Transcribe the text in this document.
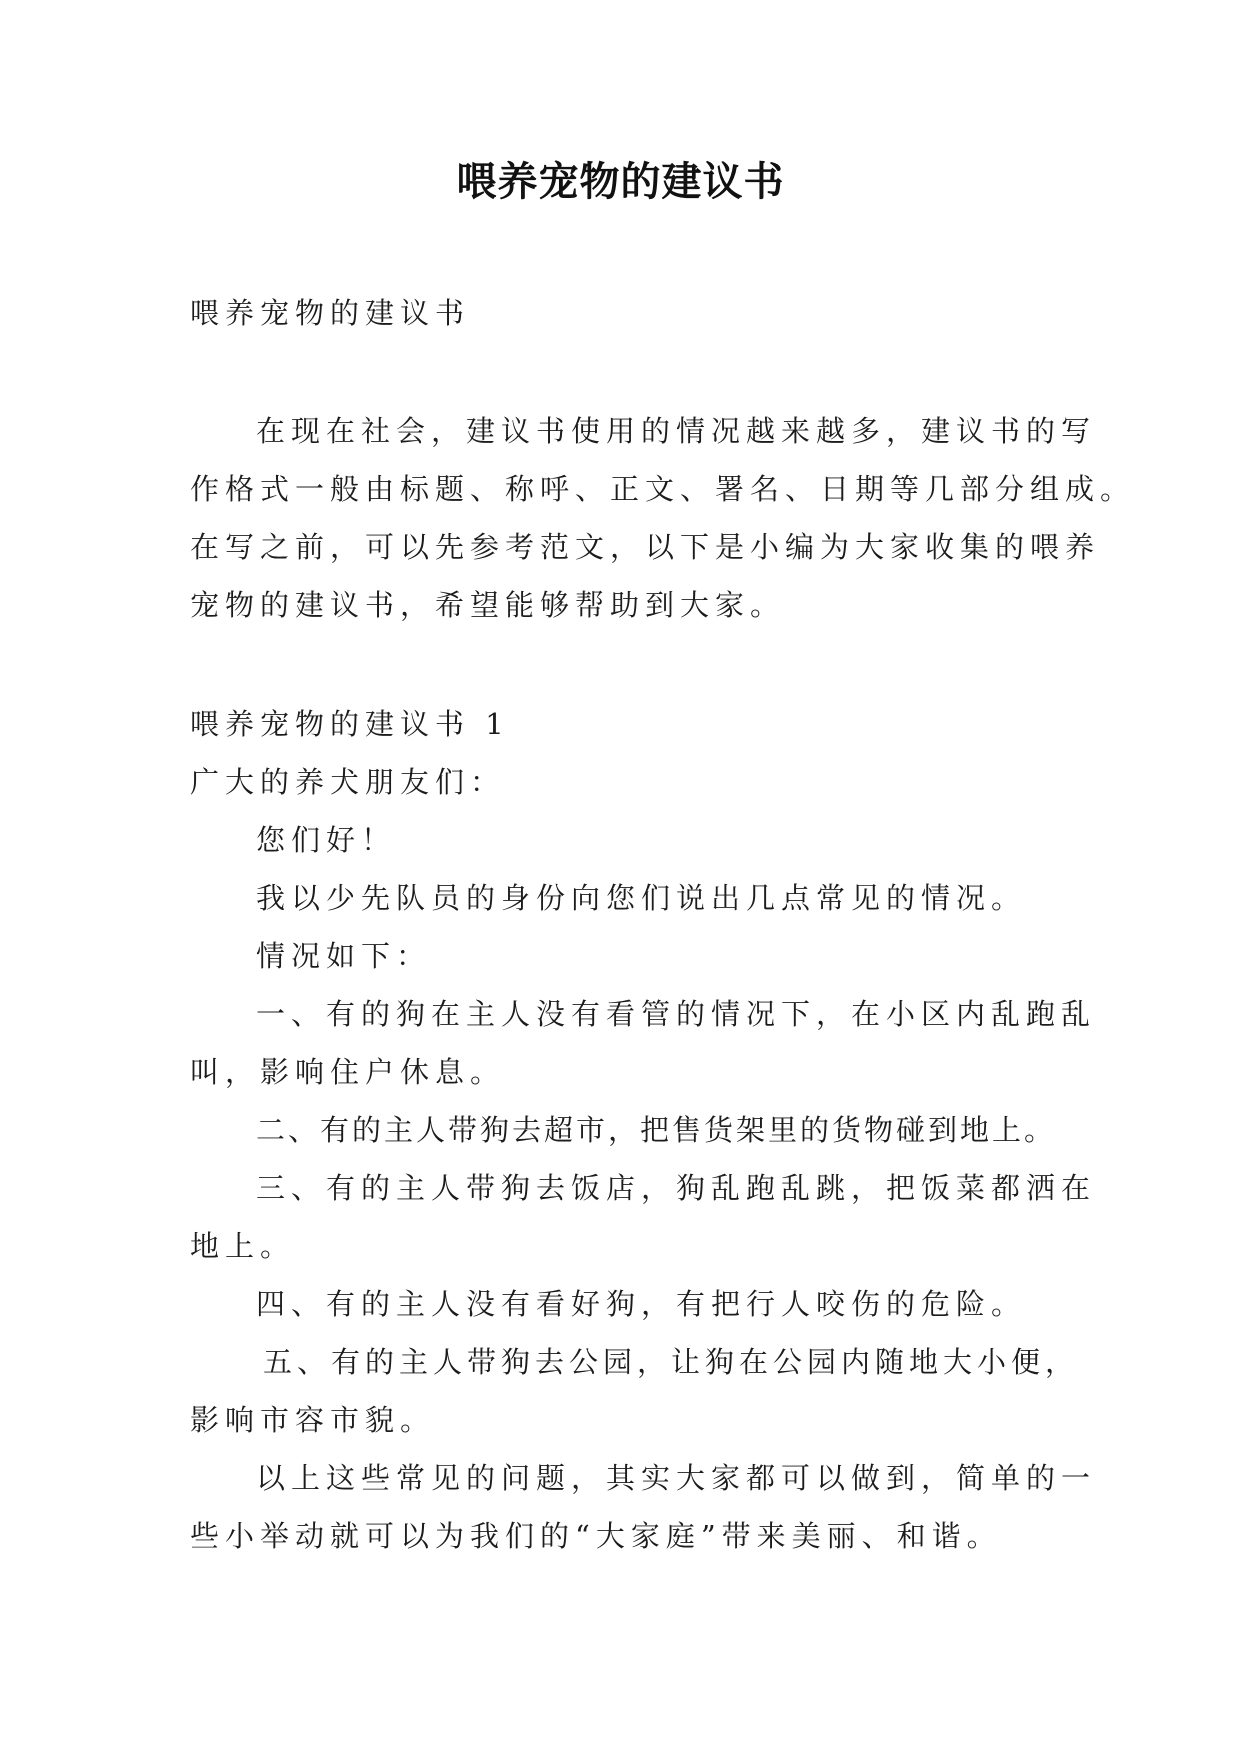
喂养宠物的建议书
喂养宠物的建议书
在现在社会，建议书使用的情况越来越多，建议书的写
作格式一般由标题、称呼、正文、署名、日期等几部分组成。
在写之前，可以先参考范文，以下是小编为大家收集的喂养
宠物的建议书，希望能够帮助到大家。
喂养宠物的建议书 1
广大的养犬朋友们：
您们好！
我以少先队员的身份向您们说出几点常见的情况。
情况如下：
一、有的狗在主人没有看管的情况下，在小区内乱跑乱
叫，影响住户休息。
二、有的主人带狗去超市，把售货架里的货物碰到地上。
三、有的主人带狗去饭店，狗乱跑乱跳，把饭菜都洒在
地上。
四、有的主人没有看好狗，有把行人咬伤的危险。
五、有的主人带狗去公园，让狗在公园内随地大小便，
影响市容市貌。
以上这些常见的问题，其实大家都可以做到，简单的一
些小举动就可以为我们的“大家庭”带来美丽、和谐。
